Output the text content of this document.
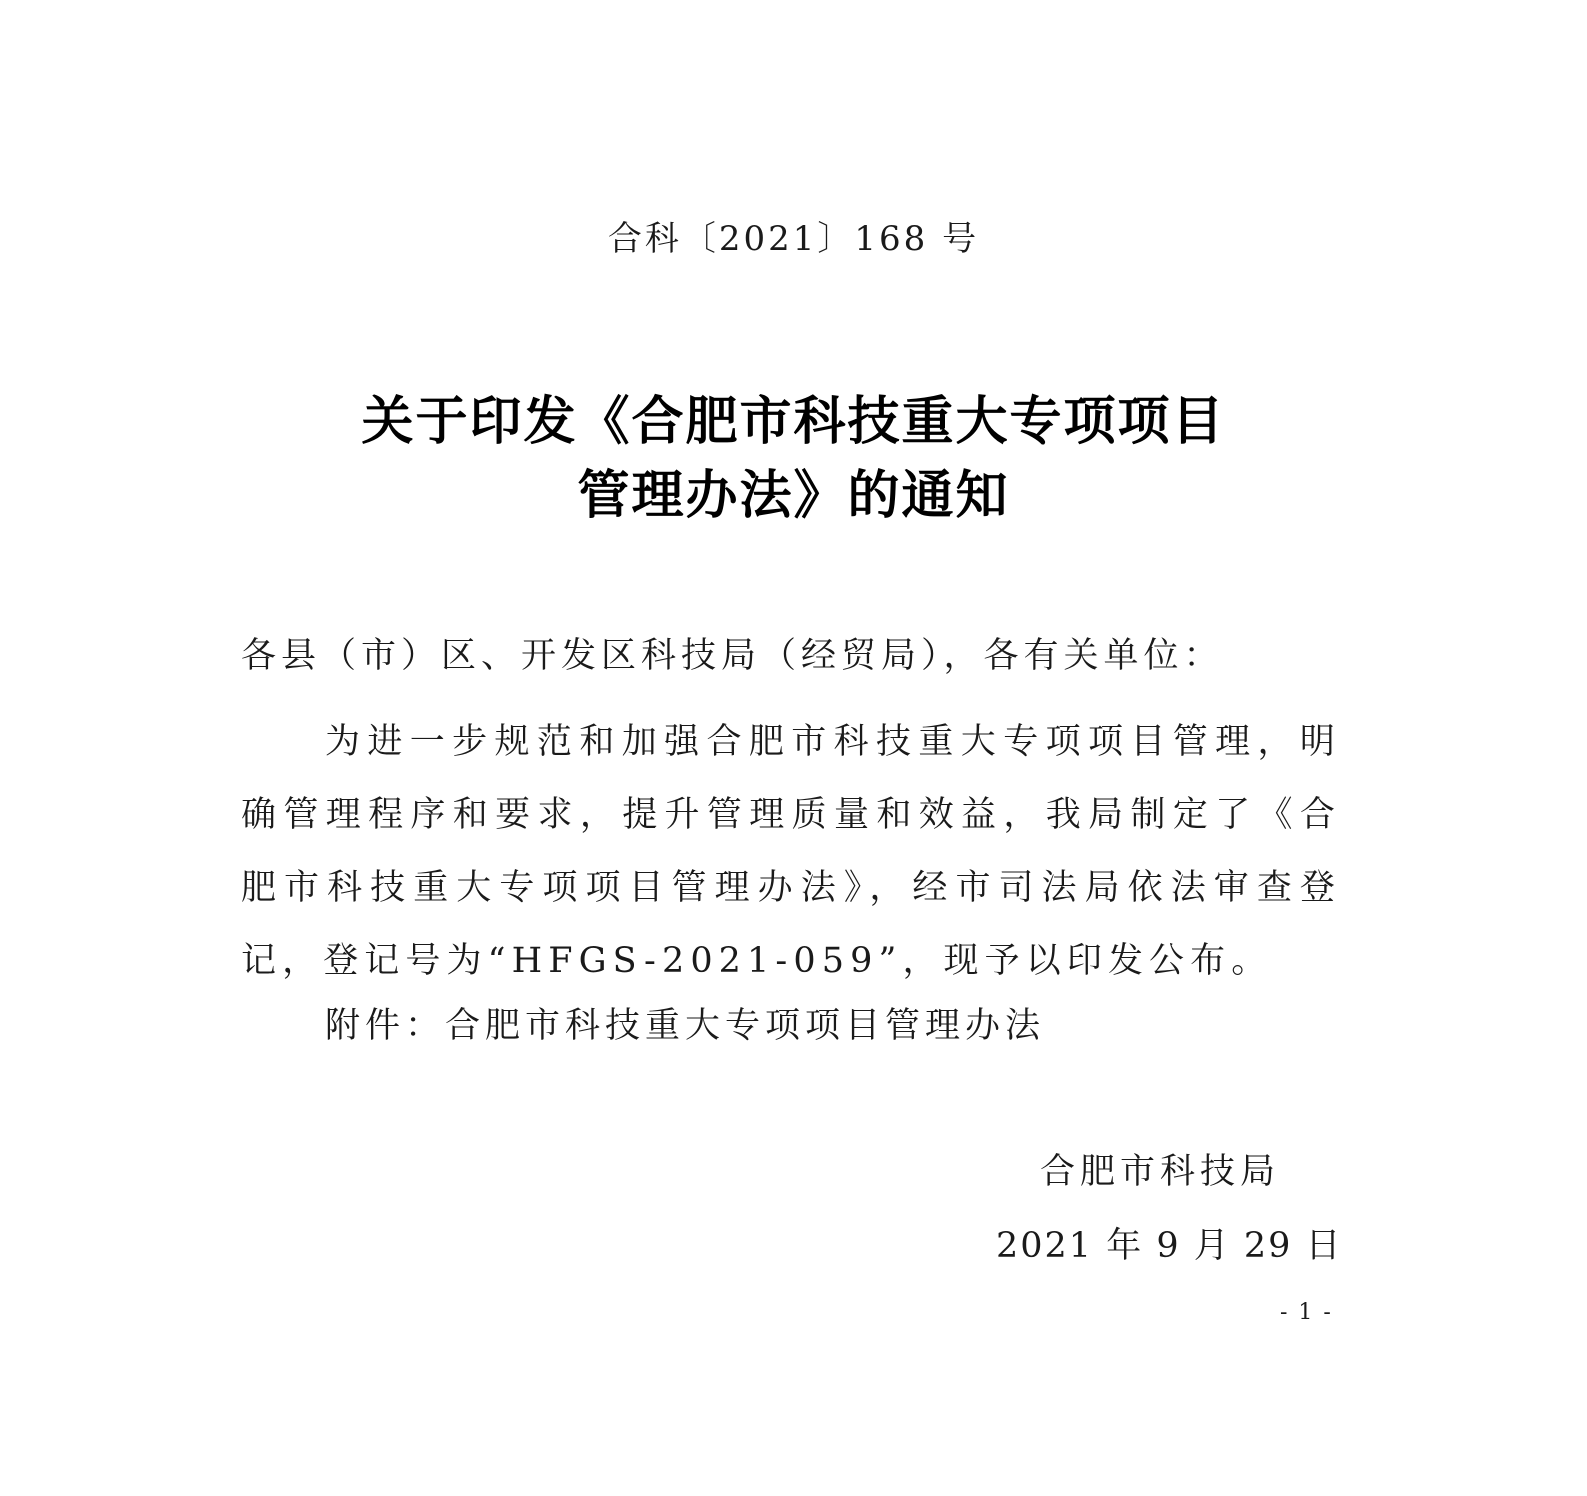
合科〔2021〕168 号
关于印发《合肥市科技重大专项项目
管理办法》的通知
各县（市）区、开发区科技局（经贸局），各有关单位：
为进一步规范和加强合肥市科技重大专项项目管理，明确管理程序和要求，提升管理质量和效益，我局制定了《合肥市科技重大专项项目管理办法》，经市司法局依法审查登记，登记号为“HFGS-2021-059”，现予以印发公布。
附件：合肥市科技重大专项项目管理办法
合肥市科技局
2021 年 9 月 29 日
- 1 -
